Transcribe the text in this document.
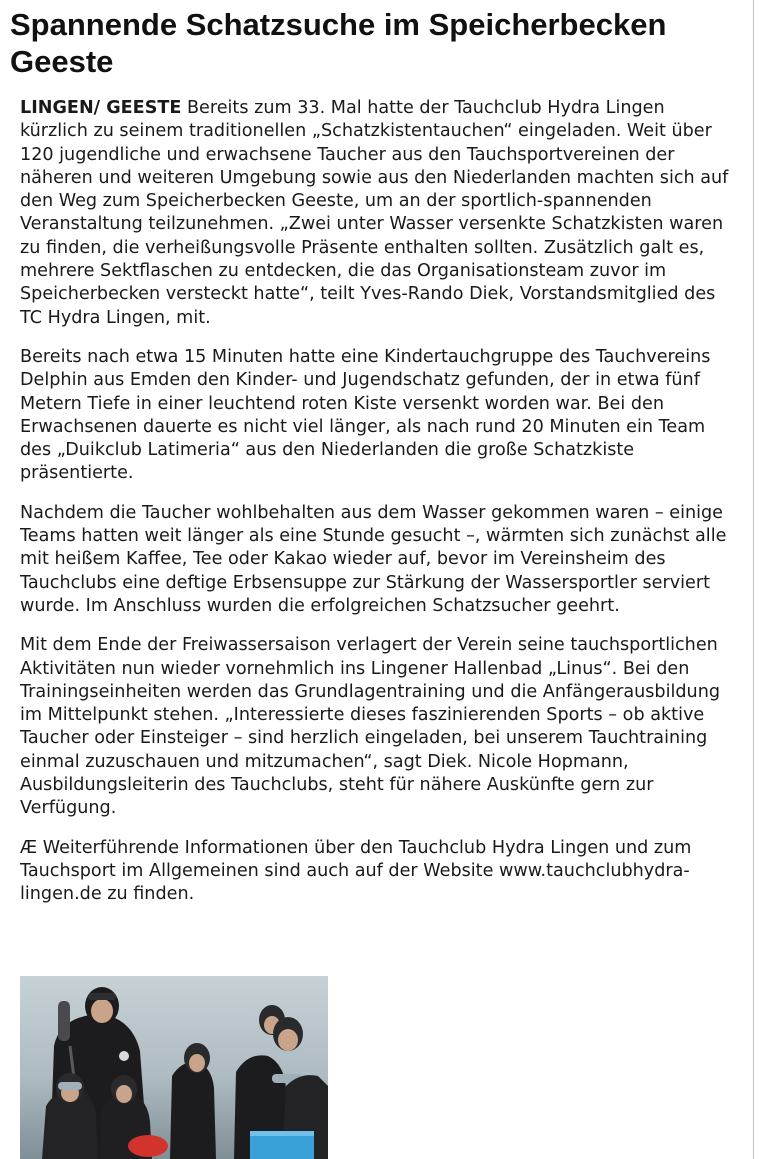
Spannende Schatzsuche im Speicherbecken Geeste

LINGEN/ GEESTE Bereits zum 33. Mal hatte der Tauchclub Hydra Lingen kürzlich zu seinem traditionellen „Schatzkistentauchen“ eingeladen. Weit über 120 jugendliche und erwachsene Taucher aus den Tauchsportvereinen der näheren und weiteren Umgebung sowie aus den Niederlanden machten sich auf den Weg zum Speicherbecken Geeste, um an der sportlich-spannenden Veranstaltung teilzunehmen. „Zwei unter Wasser versenkte Schatzkisten waren zu finden, die verheißungsvolle Präsente enthalten sollten. Zusätzlich galt es, mehrere Sektflaschen zu entdecken, die das Organisationsteam zuvor im Speicherbecken versteckt hatte“, teilt Yves-Rando Diek, Vorstandsmitglied des TC Hydra Lingen, mit.

Bereits nach etwa 15 Minuten hatte eine Kindertauchgruppe des Tauchvereins Delphin aus Emden den Kinder- und Jugendschatz gefunden, der in etwa fünf Metern Tiefe in einer leuchtend roten Kiste versenkt worden war. Bei den Erwachsenen dauerte es nicht viel länger, als nach rund 20 Minuten ein Team des „Duikclub Latimeria“ aus den Niederlanden die große Schatzkiste präsentierte.

Nachdem die Taucher wohlbehalten aus dem Wasser gekommen waren – einige Teams hatten weit länger als eine Stunde gesucht –, wärmten sich zunächst alle mit heißem Kaffee, Tee oder Kakao wieder auf, bevor im Vereinsheim des Tauchclubs eine deftige Erbsensuppe zur Stärkung der Wassersportler serviert wurde. Im Anschluss wurden die erfolgreichen Schatzsucher geehrt.

Mit dem Ende der Freiwassersaison verlagert der Verein seine tauchsportlichen Aktivitäten nun wieder vornehmlich ins Lingener Hallenbad „Linus“. Bei den Trainingseinheiten werden das Grundlagentraining und die Anfängerausbildung im Mittelpunkt stehen. „Interessierte dieses faszinierenden Sports – ob aktive Taucher oder Einsteiger – sind herzlich eingeladen, bei unserem Tauchtraining einmal zuzuschauen und mitzumachen“, sagt Diek. Nicole Hopmann, Ausbildungsleiterin des Tauchclubs, steht für nähere Auskünfte gern zur Verfügung.

Æ Weiterführende Informationen über den Tauchclub Hydra Lingen und zum Tauchsport im Allgemeinen sind auch auf der Website www.tauchclubhydra-lingen.de zu finden.
